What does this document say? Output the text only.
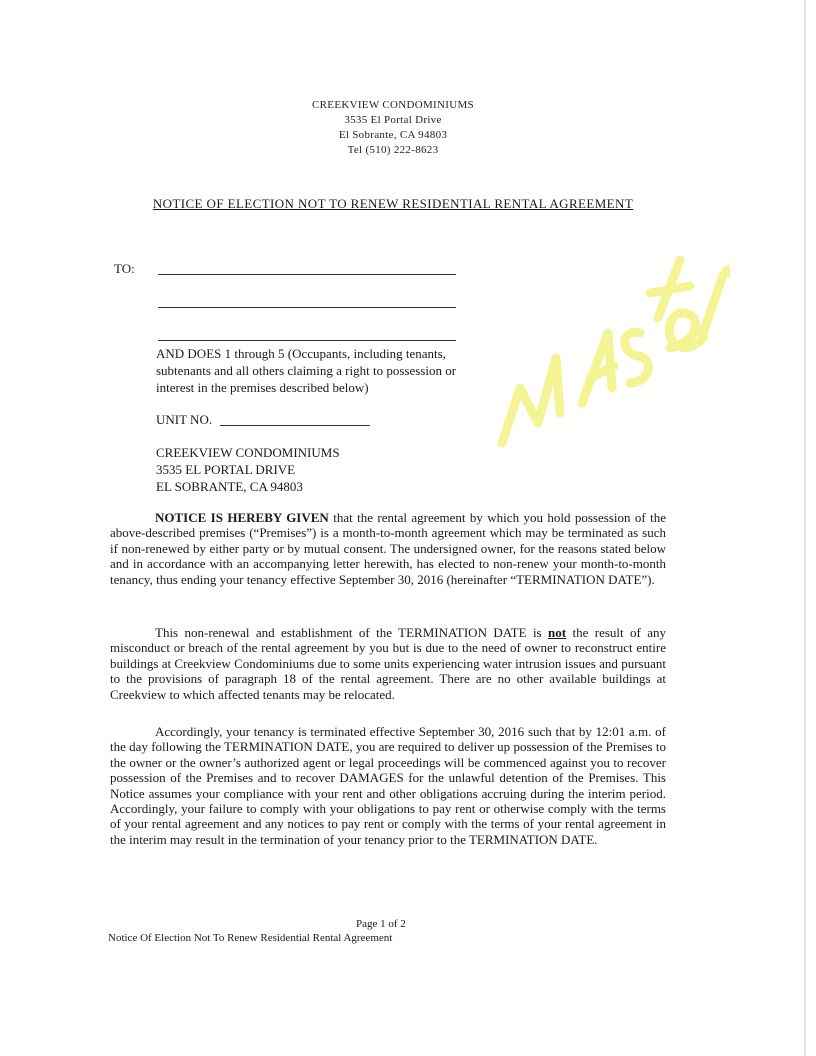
CREEKVIEW CONDOMINIUMS
3535 El Portal Drive
El Sobrante, CA 94803
Tel (510) 222-8623
NOTICE OF ELECTION NOT TO RENEW RESIDENTIAL RENTAL AGREEMENT
TO:
AND DOES 1 through 5 (Occupants, including tenants, subtenants and all others claiming a right to possession or interest in the premises described below)
UNIT NO.
CREEKVIEW CONDOMINIUMS
3535 EL PORTAL DRIVE
EL SOBRANTE, CA 94803
NOTICE IS HEREBY GIVEN that the rental agreement by which you hold possession of the above-described premises (“Premises”) is a month-to-month agreement which may be terminated as such if non-renewed by either party or by mutual consent. The undersigned owner, for the reasons stated below and in accordance with an accompanying letter herewith, has elected to non-renew your month-to-month tenancy, thus ending your tenancy effective September 30, 2016 (hereinafter “TERMINATION DATE”).
This non-renewal and establishment of the TERMINATION DATE is not the result of any misconduct or breach of the rental agreement by you but is due to the need of owner to reconstruct entire buildings at Creekview Condominiums due to some units experiencing water intrusion issues and pursuant to the provisions of paragraph 18 of the rental agreement. There are no other available buildings at Creekview to which affected tenants may be relocated.
Accordingly, your tenancy is terminated effective September 30, 2016 such that by 12:01 a.m. of the day following the TERMINATION DATE, you are required to deliver up possession of the Premises to the owner or the owner’s authorized agent or legal proceedings will be commenced against you to recover possession of the Premises and to recover DAMAGES for the unlawful detention of the Premises. This Notice assumes your compliance with your rent and other obligations accruing during the interim period. Accordingly, your failure to comply with your obligations to pay rent or otherwise comply with the terms of your rental agreement and any notices to pay rent or comply with the terms of your rental agreement in the interim may result in the termination of your tenancy prior to the TERMINATION DATE.
Page 1 of 2
Notice Of Election Not To Renew Residential Rental Agreement
